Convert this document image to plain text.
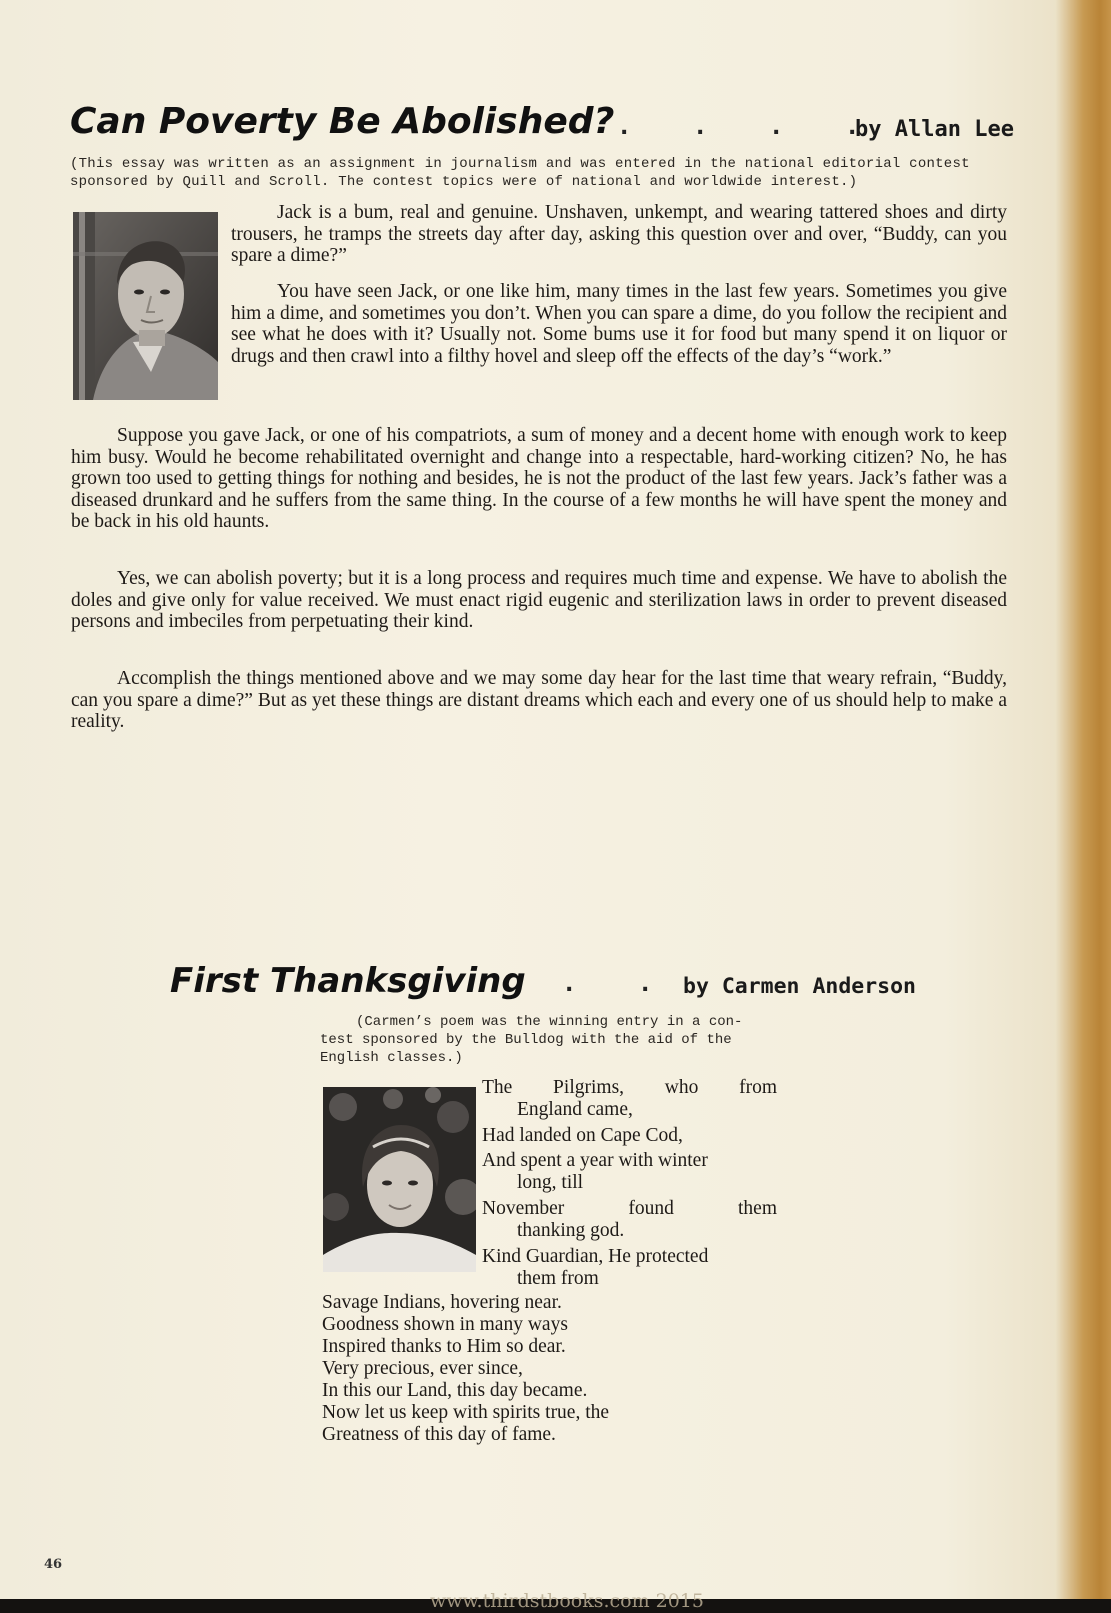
Can Poverty Be Abolished? . . . .
by Allan Lee
(This essay was written as an assignment in journalism and was entered in the national editorial contest
sponsored by Quill and Scroll. The contest topics were of national and worldwide interest.)

Jack is a bum, real and genuine. Unshaven, unkempt, and wearing tattered shoes and dirty trousers, he tramps the streets day after day, asking this question over and over, “Buddy, can you spare a dime?”

You have seen Jack, or one like him, many times in the last few years. Sometimes you give him a dime, and sometimes you don’t. When you can spare a dime, do you follow the recipient and see what he does with it? Usually not. Some bums use it for food but many spend it on liquor or drugs and then crawl into a filthy hovel and sleep off the effects of the day’s “work.”

Suppose you gave Jack, or one of his compatriots, a sum of money and a decent home with enough work to keep him busy. Would he become rehabilitated overnight and change into a respectable, hard-working citizen? No, he has grown too used to getting things for nothing and besides, he is not the product of the last few years. Jack’s father was a diseased drunkard and he suffers from the same thing. In the course of a few months he will have spent the money and be back in his old haunts.

Yes, we can abolish poverty; but it is a long process and requires much time and expense. We have to abolish the doles and give only for value received. We must enact rigid eugenic and sterilization laws in order to prevent diseased persons and imbeciles from perpetuating their kind.

Accomplish the things mentioned above and we may some day hear for the last time that weary refrain, “Buddy, can you spare a dime?” But as yet these things are distant dreams which each and every one of us should help to make a reality.

First Thanksgiving . . by Carmen Anderson
(Carmen’s poem was the winning entry in a con-
test sponsored by the Bulldog with the aid of the
English classes.)
The Pilgrims, who from
England came,
Had landed on Cape Cod,
And spent a year with winter
long, till
November found them
thanking god.
Kind Guardian, He protected
them from
Savage Indians, hovering near.
Goodness shown in many ways
Inspired thanks to Him so dear.
Very precious, ever since,
In this our Land, this day became.
Now let us keep with spirits true, the
Greatness of this day of fame.
46
www.thirdstbooks.com 2015
